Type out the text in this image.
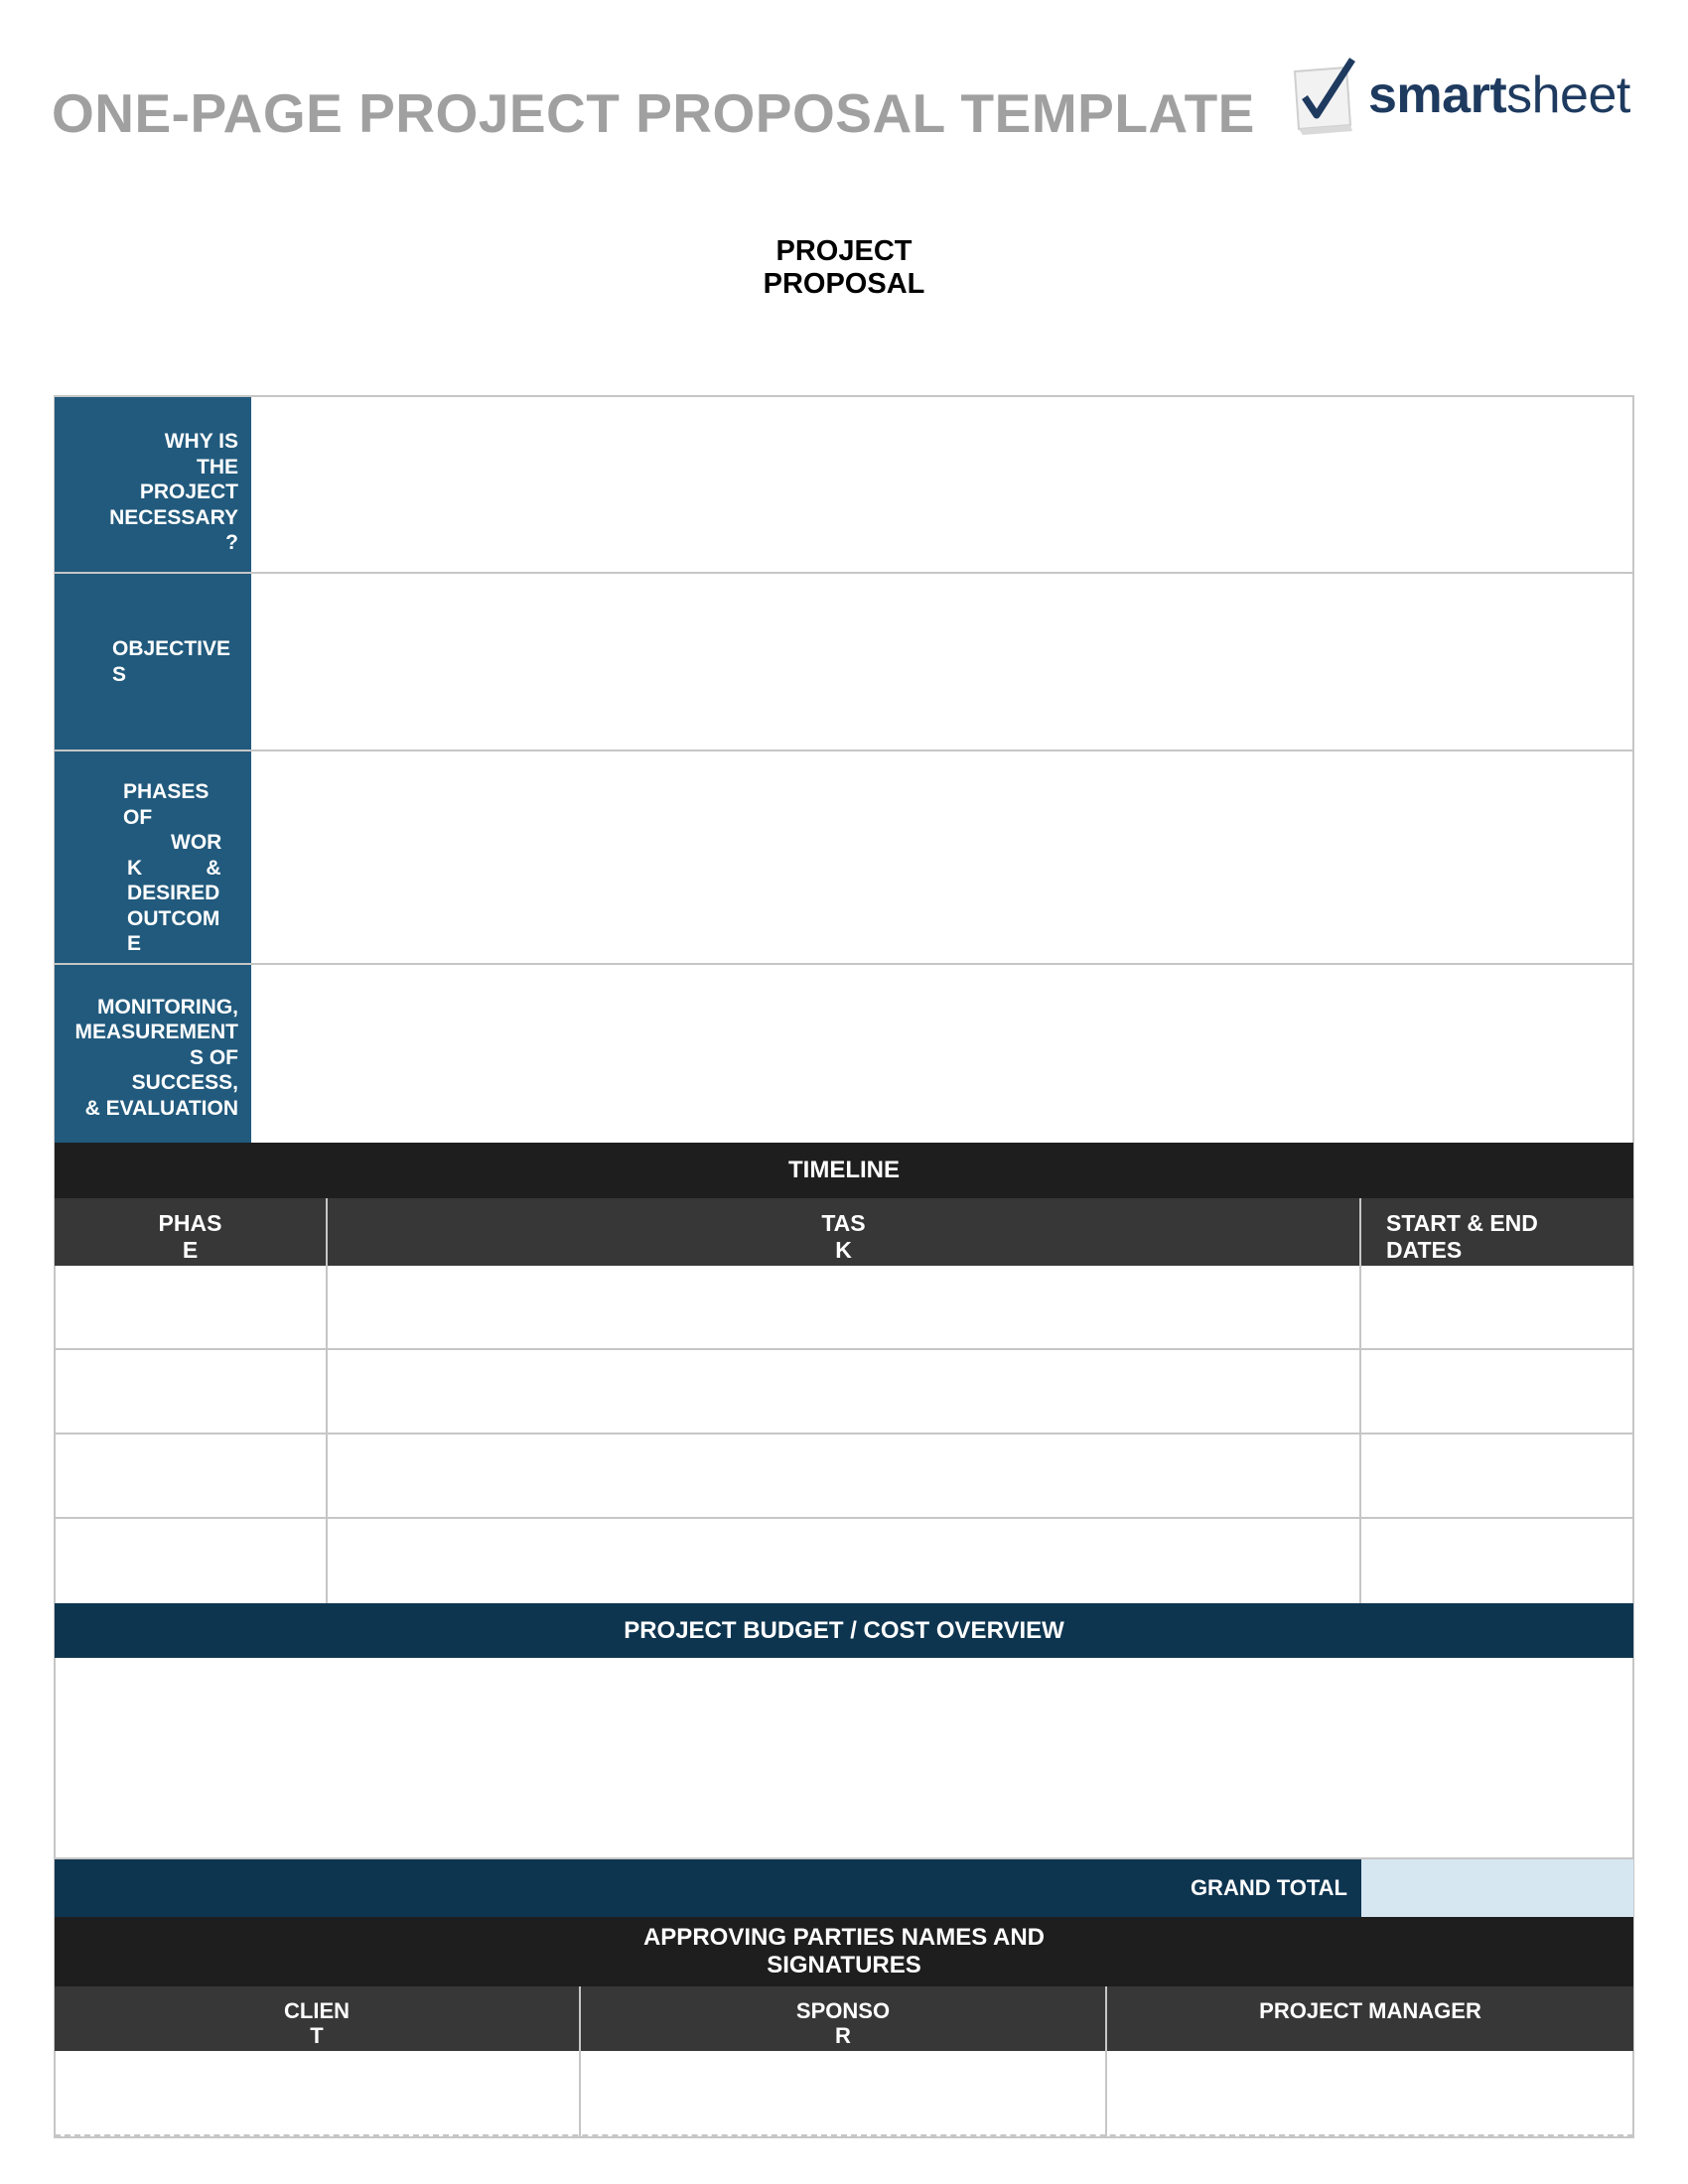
ONE-PAGE PROJECT PROPOSAL TEMPLATE smartsheet
PROJECT
PROPOSAL
WHY IS
THE
PROJECT
NECESSARY
?
OBJECTIVE
S
PHASES
OF
WOR
K           &
DESIRED
OUTCOM
E
MONITORING,
MEASUREMENT
S OF
SUCCESS,
& EVALUATION
TIMELINE
PHAS
E
TAS
K
START & END
DATES
PROJECT BUDGET / COST OVERVIEW
GRAND TOTAL
APPROVING PARTIES NAMES AND
SIGNATURES
CLIEN
T
SPONSO
R
PROJECT MANAGER
